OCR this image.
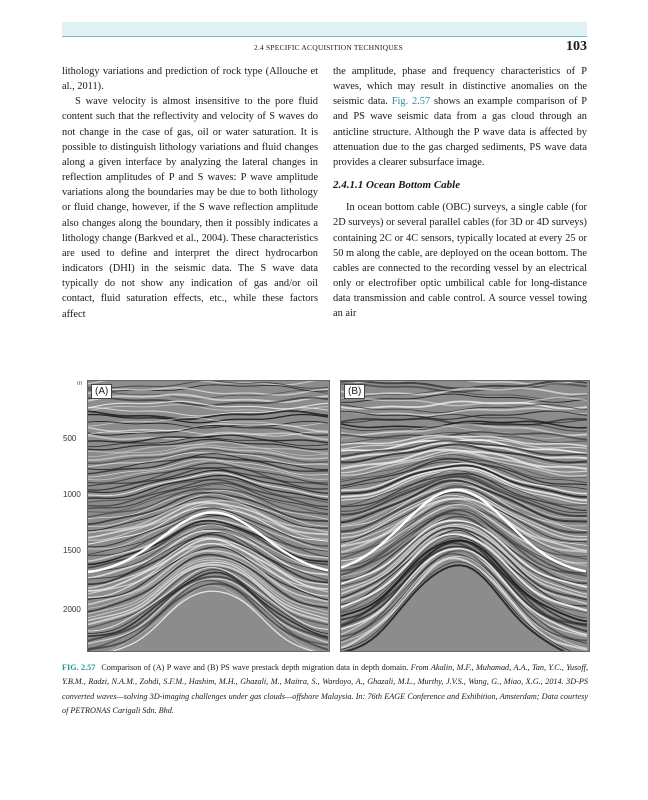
2.4 SPECIFIC ACQUISITION TECHNIQUES	103

lithology variations and prediction of rock type (Allouche et al., 2011).

S wave velocity is almost insensitive to the pore fluid content such that the reflectivity and velocity of S waves do not change in the case of gas, oil or water saturation. It is possible to distinguish lithology variations and fluid changes along a given interface by analyzing the lateral changes in reflection amplitudes of P and S waves: P wave amplitude variations along the boundaries may be due to both lithology or fluid change, however, if the S wave reflection amplitude also changes along the boundary, then it possibly indicates a lithology change (Barkved et al., 2004). These characteristics are used to define and interpret the direct hydrocarbon indicators (DHI) in the seismic data. The S wave data typically do not show any indication of gas and/or oil contact, fluid saturation effects, etc., while these factors affect

the amplitude, phase and frequency characteristics of P waves, which may result in distinctive anomalies on the seismic data. Fig. 2.57 shows an example comparison of P and PS wave seismic data from a gas cloud through an anticline structure. Although the P wave data is affected by attenuation due to the gas charged sediments, PS wave data provides a clearer subsurface image.

2.4.1.1 Ocean Bottom Cable

In ocean bottom cable (OBC) surveys, a single cable (for 2D surveys) or several parallel cables (for 3D or 4D surveys) containing 2C or 4C sensors, typically located at every 25 or 50 m along the cable, are deployed on the ocean bottom. The cables are connected to the recording vessel by an electrical only or electrofiber optic umbilical cable for long-distance data transmission and cable control. A source vessel towing an air

m
500
1000
1500
2000
(A)	(B)
FIG. 2.57 Comparison of (A) P wave and (B) PS wave prestack depth migration data in depth domain. From Akalin, M.F., Muhamad, A.A., Tan, Y.C., Yusoff, Y.B.M., Radzi, N.A.M., Zohdi, S.F.M., Hashim, M.H., Ghazali, M., Maitra, S., Wardoyo, A., Ghazali, M.L., Murthy, J.V.S., Wang, G., Miao, X.G., 2014. 3D-PS converted waves—solving 3D-imaging challenges under gas clouds—offshore Malaysia. In: 76th EAGE Conference and Exhibition, Amsterdam; Data courtesy of PETRONAS Carigali Sdn. Bhd.
